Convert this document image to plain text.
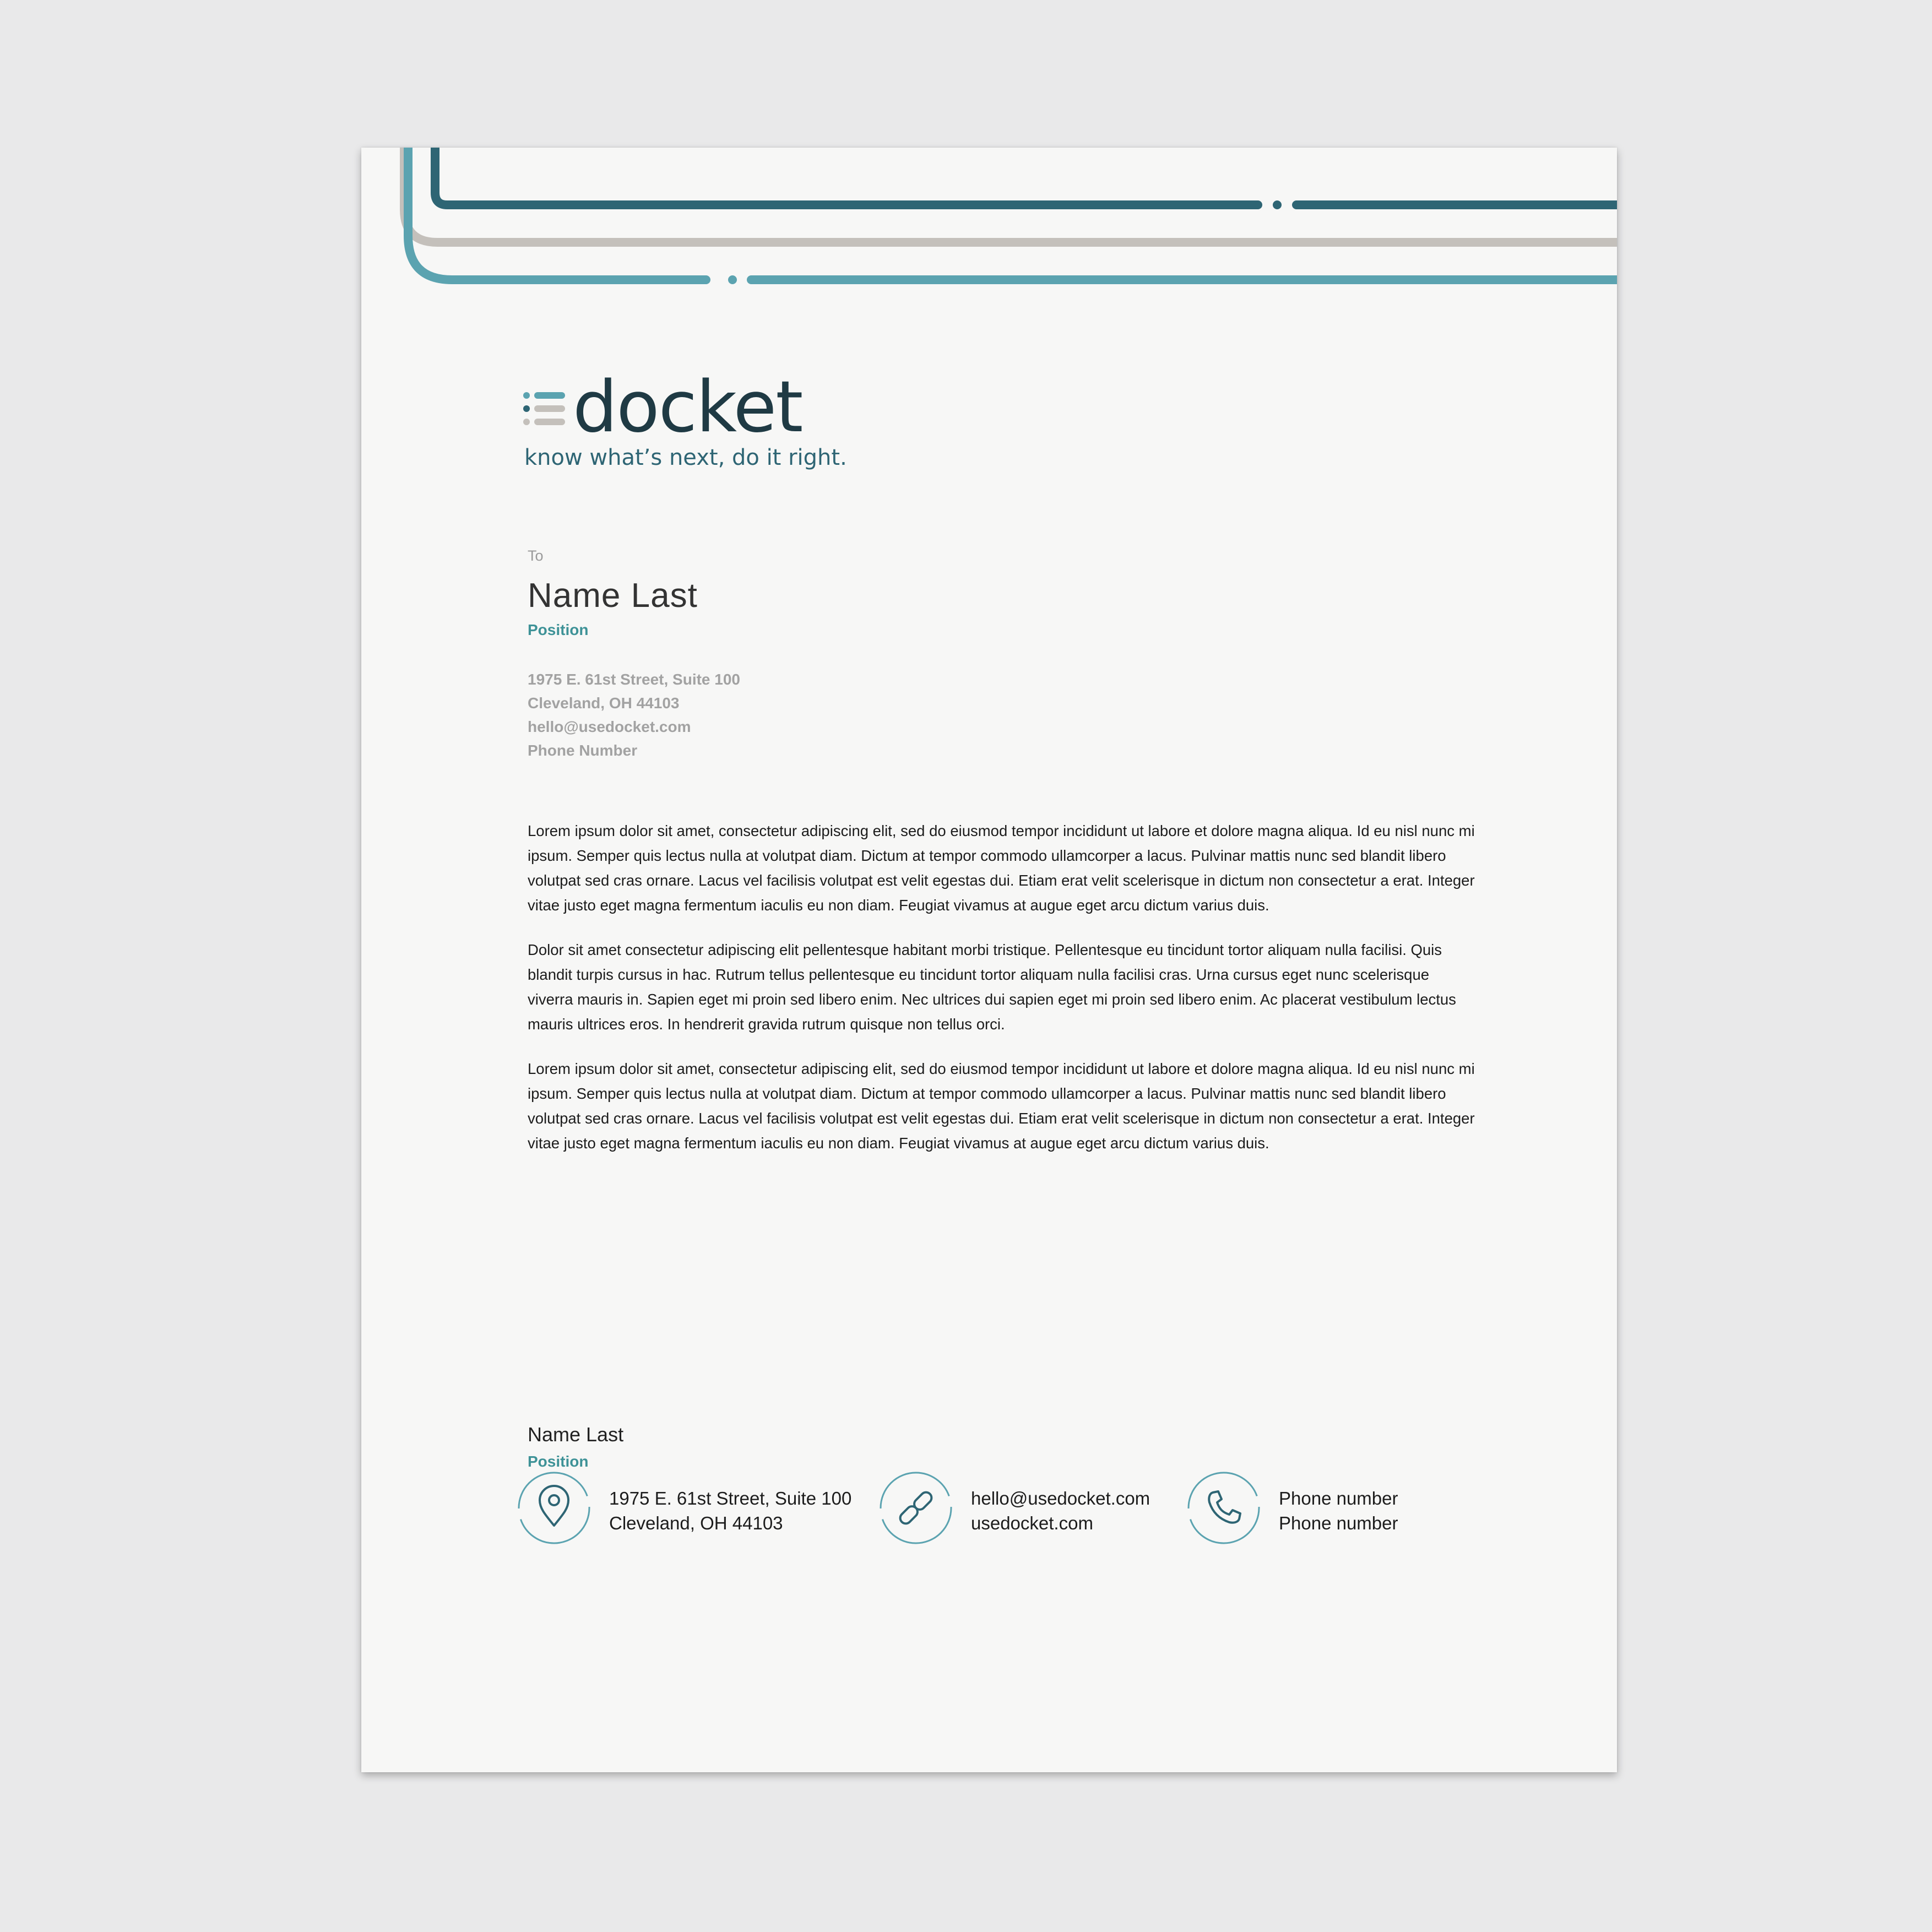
docket
know what’s next, do it right.
To
Name Last
Position
1975 E. 61st Street, Suite 100
Cleveland, OH 44103
hello@usedocket.com
Phone Number

Lorem ipsum dolor sit amet, consectetur adipiscing elit, sed do eiusmod tempor incididunt ut labore et dolore magna aliqua. Id eu nisl nunc mi ipsum. Semper quis lectus nulla at volutpat diam. Dictum at tempor commodo ullamcorper a lacus. Pulvinar mattis nunc sed blandit libero volutpat sed cras ornare. Lacus vel facilisis volutpat est velit egestas dui. Etiam erat velit scelerisque in dictum non consectetur a erat. Integer vitae justo eget magna fermentum iaculis eu non diam. Feugiat vivamus at augue eget arcu dictum varius duis.

Dolor sit amet consectetur adipiscing elit pellentesque habitant morbi tristique. Pellentesque eu tincidunt tortor aliquam nulla facilisi. Quis blandit turpis cursus in hac. Rutrum tellus pellentesque eu tincidunt tortor aliquam nulla facilisi cras. Urna cursus eget nunc scelerisque viverra mauris in. Sapien eget mi proin sed libero enim. Nec ultrices dui sapien eget mi proin sed libero enim. Ac placerat vestibulum lectus mauris ultrices eros. In hendrerit gravida rutrum quisque non tellus orci.

Lorem ipsum dolor sit amet, consectetur adipiscing elit, sed do eiusmod tempor incididunt ut labore et dolore magna aliqua. Id eu nisl nunc mi ipsum. Semper quis lectus nulla at volutpat diam. Dictum at tempor commodo ullamcorper a lacus. Pulvinar mattis nunc sed blandit libero volutpat sed cras ornare. Lacus vel facilisis volutpat est velit egestas dui. Etiam erat velit scelerisque in dictum non consectetur a erat. Integer vitae justo eget magna fermentum iaculis eu non diam. Feugiat vivamus at augue eget arcu dictum varius duis.

Name Last
Position
1975 E. 61st Street, Suite 100
Cleveland, OH 44103
hello@usedocket.com
usedocket.com
Phone number
Phone number
